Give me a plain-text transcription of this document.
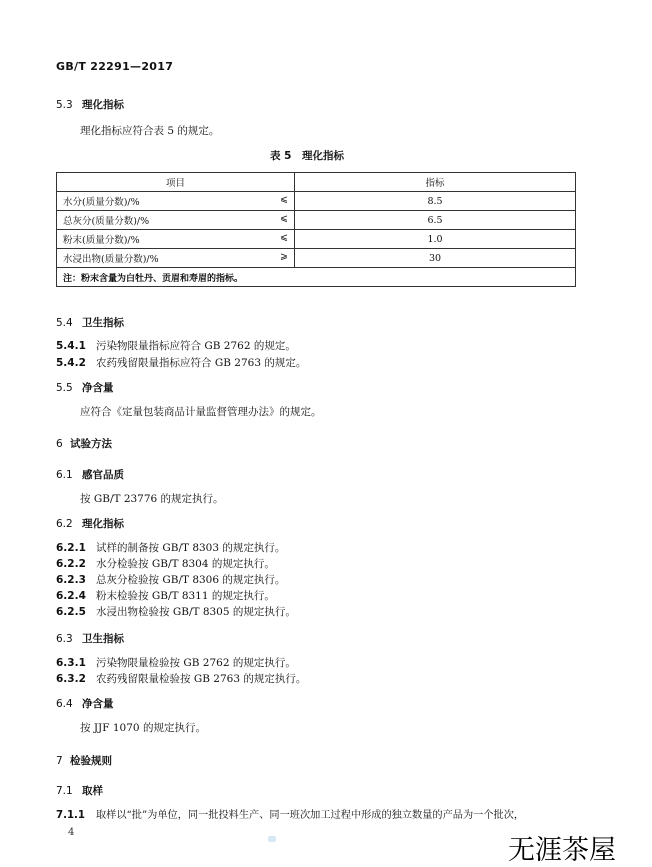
GB/T 22291—2017
5.3 理化指标
理化指标应符合表 5 的规定。
表 5　理化指标
项目	指标
水分(质量分数)/% ⩽	8.5
总灰分(质量分数)/% ⩽	6.5
粉末(质量分数)/% ⩽	1.0
水浸出物(质量分数)/% ⩾	30
注：粉末含量为白牡丹、贡眉和寿眉的指标。	
5.4 卫生指标
5.4.1 污染物限量指标应符合 GB 2762 的规定。
5.4.2 农药残留限量指标应符合 GB 2763 的规定。
5.5 净含量
应符合《定量包装商品计量监督管理办法》的规定。
6 试验方法
6.1 感官品质
按 GB/T 23776 的规定执行。
6.2 理化指标
6.2.1 试样的制备按 GB/T 8303 的规定执行。
6.2.2 水分检验按 GB/T 8304 的规定执行。
6.2.3 总灰分检验按 GB/T 8306 的规定执行。
6.2.4 粉末检验按 GB/T 8311 的规定执行。
6.2.5 水浸出物检验按 GB/T 8305 的规定执行。
6.3 卫生指标
6.3.1 污染物限量检验按 GB 2762 的规定执行。
6.3.2 农药残留限量检验按 GB 2763 的规定执行。
6.4 净含量
按 JJF 1070 的规定执行。
7 检验规则
7.1 取样
7.1.1 取样以“批”为单位，同一批投料生产、同一班次加工过程中形成的独立数量的产品为一个批次，
4
无涯茶屋
